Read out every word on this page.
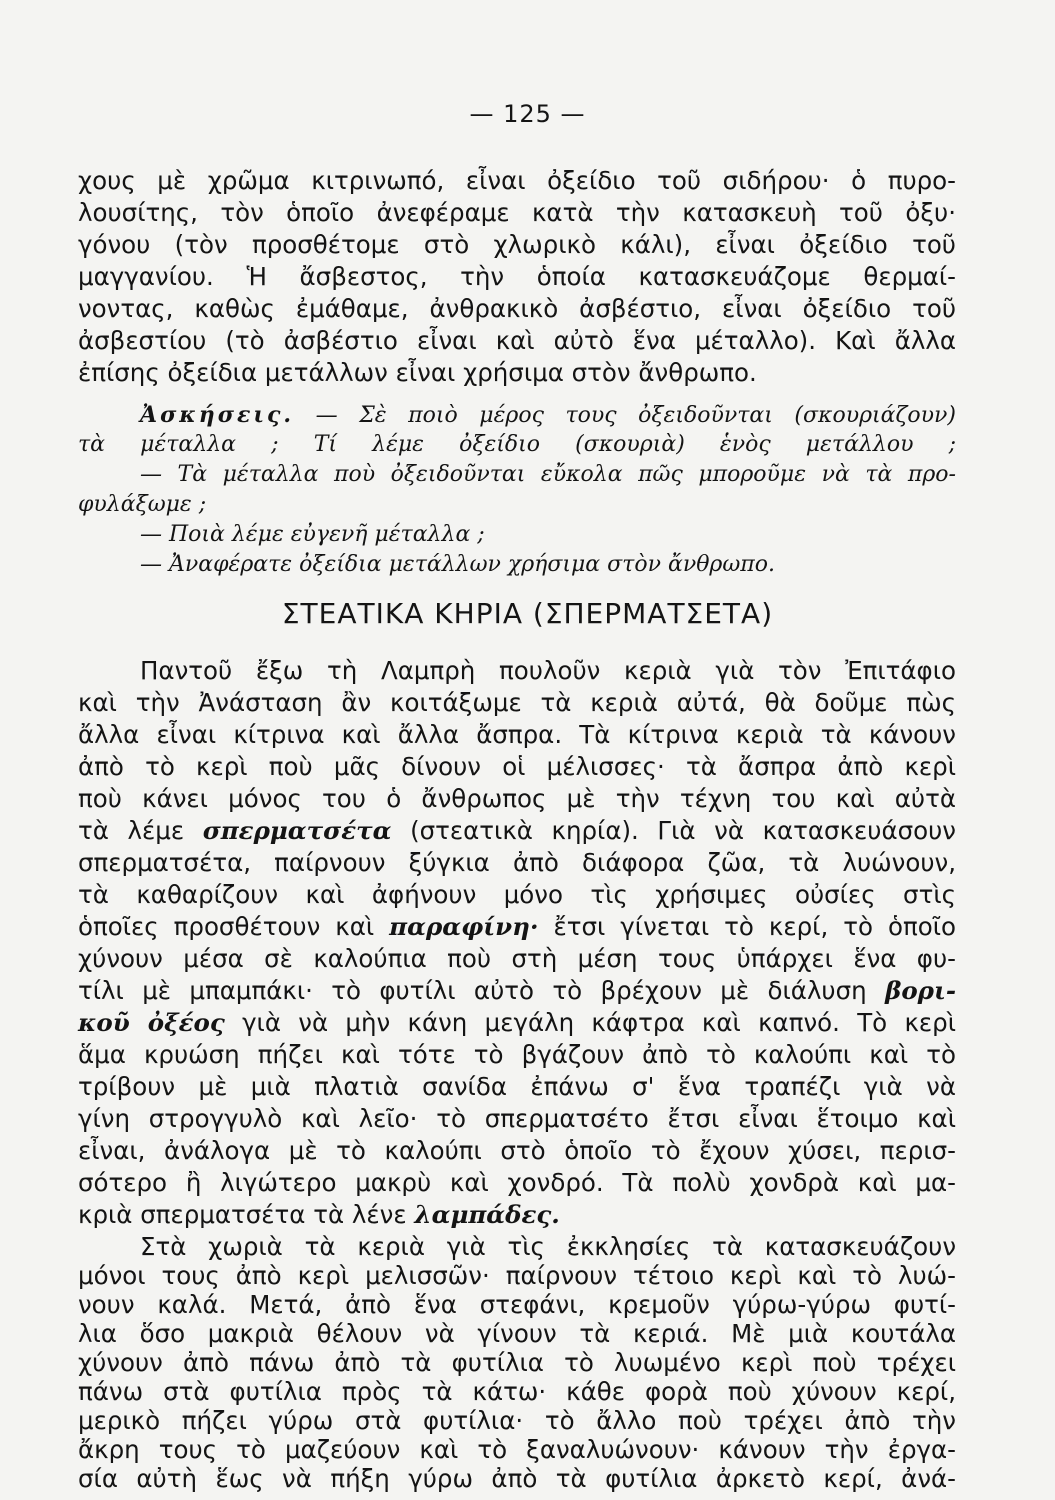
— 125 —
χους μὲ χρῶμα κιτρινωπό, εἶναι ὀξείδιο τοῦ σιδήρου· ὁ πυρο-
λουσίτης, τὸν ὁποῖο ἀνεφέραμε κατὰ τὴν κατασκευὴ τοῦ ὀξυ·
γόνου (τὸν προσθέτομε στὸ χλωρικὸ κάλι), εἶναι ὀξείδιο τοῦ
μαγγανίου. Ἡ ἄσβεστος, τὴν ὁποία κατασκευάζομε θερμαί-
νοντας, καθὼς ἐμάθαμε, ἀνθρακικὸ ἀσβέστιο, εἶναι ὀξείδιο τοῦ
ἀσβεστίου (τὸ ἀσβέστιο εἶναι καὶ αὐτὸ ἕνα μέταλλο). Καὶ ἄλλα
ἐπίσης ὀξείδια μετάλλων εἶναι χρήσιμα στὸν ἄνθρωπο.
Ἀσκήσεις. — Σὲ ποιὸ μέρος τους ὀξειδοῦνται (σκουριάζουν)
τὰ μέταλλα ; Τί λέμε ὀξείδιο (σκουριὰ) ἑνὸς μετάλλου ;
— Τὰ μέταλλα ποὺ ὀξειδοῦνται εὔκολα πῶς μποροῦμε νὰ τὰ προ-
φυλάξωμε ;
— Ποιὰ λέμε εὐγενῆ μέταλλα ;
— Ἀναφέρατε ὀξείδια μετάλλων χρήσιμα στὸν ἄνθρωπο.
ΣΤΕΑΤΙΚΑ ΚΗΡΙΑ (ΣΠΕΡΜΑΤΣΕΤΑ)
Παντοῦ ἔξω τὴ Λαμπρὴ πουλοῦν κεριὰ γιὰ τὸν Ἐπιτάφιο
καὶ τὴν Ἀνάσταση ἂν κοιτάξωμε τὰ κεριὰ αὐτά, θὰ δοῦμε πὼς
ἄλλα εἶναι κίτρινα καὶ ἄλλα ἄσπρα. Τὰ κίτρινα κεριὰ τὰ κάνουν
ἀπὸ τὸ κερὶ ποὺ μᾶς δίνουν οἱ μέλισσες· τὰ ἄσπρα ἀπὸ κερὶ
ποὺ κάνει μόνος του ὁ ἄνθρωπος μὲ τὴν τέχνη του καὶ αὐτὰ
τὰ λέμε σπερματσέτα (στεατικὰ κηρία). Γιὰ νὰ κατασκευάσουν
σπερματσέτα, παίρνουν ξύγκια ἀπὸ διάφορα ζῶα, τὰ λυώνουν,
τὰ καθαρίζουν καὶ ἀφήνουν μόνο τὶς χρήσιμες οὐσίες στὶς
ὁποῖες προσθέτουν καὶ παραφίνη· ἔτσι γίνεται τὸ κερί, τὸ ὁποῖο
χύνουν μέσα σὲ καλούπια ποὺ στὴ μέση τους ὑπάρχει ἕνα φυ-
τίλι μὲ μπαμπάκι· τὸ φυτίλι αὐτὸ τὸ βρέχουν μὲ διάλυση βορι-
κοῦ ὀξέος γιὰ νὰ μὴν κάνη μεγάλη κάφτρα καὶ καπνό. Τὸ κερὶ
ἅμα κρυώση πήζει καὶ τότε τὸ βγάζουν ἀπὸ τὸ καλούπι καὶ τὸ
τρίβουν μὲ μιὰ πλατιὰ σανίδα ἐπάνω σ' ἕνα τραπέζι γιὰ νὰ
γίνη στρογγυλὸ καὶ λεῖο· τὸ σπερματσέτο ἔτσι εἶναι ἕτοιμο καὶ
εἶναι, ἀνάλογα μὲ τὸ καλούπι στὸ ὁποῖο τὸ ἔχουν χύσει, περισ-
σότερο ἢ λιγώτερο μακρὺ καὶ χονδρό. Τὰ πολὺ χονδρὰ καὶ μα-
κριὰ σπερματσέτα τὰ λένε λαμπάδες.
Στὰ χωριὰ τὰ κεριὰ γιὰ τὶς ἐκκλησίες τὰ κατασκευάζουν
μόνοι τους ἀπὸ κερὶ μελισσῶν· παίρνουν τέτοιο κερὶ καὶ τὸ λυώ-
νουν καλά. Μετά, ἀπὸ ἕνα στεφάνι, κρεμοῦν γύρω-γύρω φυτί-
λια ὅσο μακριὰ θέλουν νὰ γίνουν τὰ κεριά. Μὲ μιὰ κουτάλα
χύνουν ἀπὸ πάνω ἀπὸ τὰ φυτίλια τὸ λυωμένο κερὶ ποὺ τρέχει
πάνω στὰ φυτίλια πρὸς τὰ κάτω· κάθε φορὰ ποὺ χύνουν κερί,
μερικὸ πήζει γύρω στὰ φυτίλια· τὸ ἄλλο ποὺ τρέχει ἀπὸ τὴν
ἄκρη τους τὸ μαζεύουν καὶ τὸ ξαναλυώνουν· κάνουν τὴν ἐργα-
σία αὐτὴ ἕως νὰ πήξη γύρω ἀπὸ τὰ φυτίλια ἀρκετὸ κερί, ἀνά-
